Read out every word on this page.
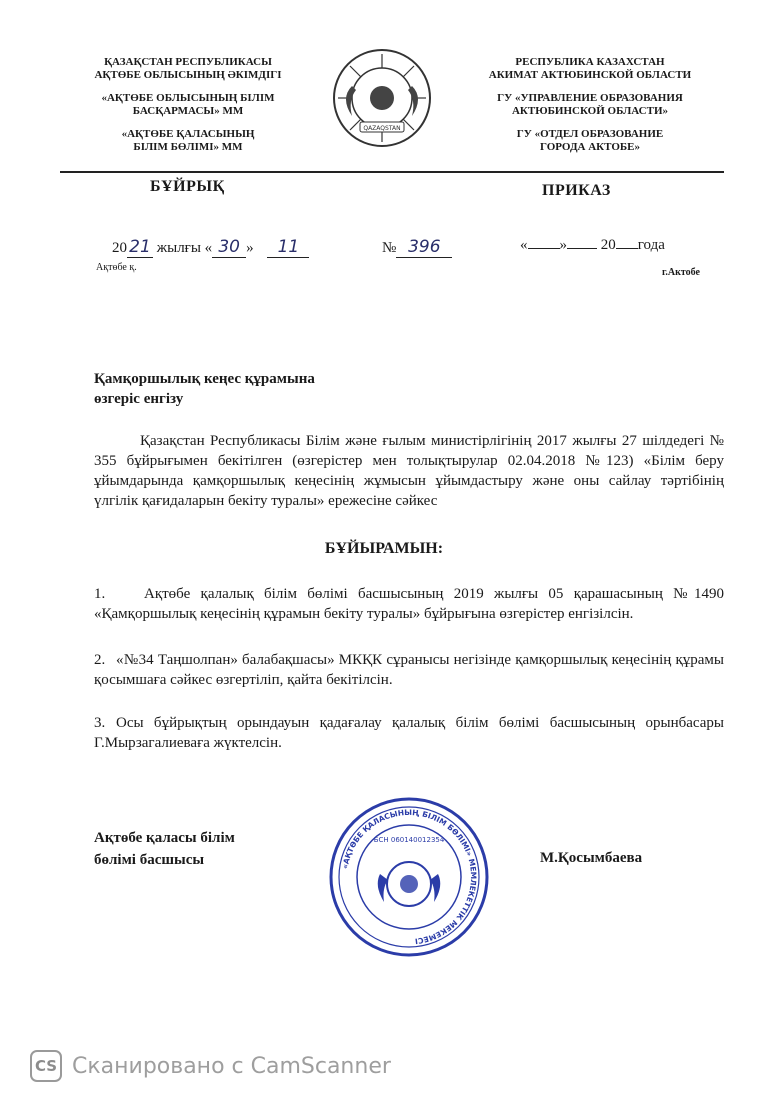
ҚАЗАҚСТАН РЕСПУБЛИКАСЫ
АҚТӨБЕ ОБЛЫСЫНЫҢ ӘКІМДІГІ
«АҚТӨБЕ ОБЛЫСЫНЫҢ БІЛІМ
БАСҚАРМАСЫ» ММ
«АҚТӨБЕ ҚАЛАСЫНЫҢ
БІЛІМ БӨЛІМІ» ММ
QAZAQSTAN
РЕСПУБЛИКА КАЗАХСТАН
АКИМАТ АКТЮБИНСКОЙ ОБЛАСТИ
ГУ «УПРАВЛЕНИЕ ОБРАЗОВАНИЯ
АКТЮБИНСКОЙ ОБЛАСТИ»
ГУ «ОТДЕЛ ОБРАЗОВАНИЕ
ГОРОДА АКТОБЕ»
БҰЙРЫҚ	ПРИКАЗ
20 21 жылғы « 30 » 11	№ 396	« » 20 года
Ақтөбе қ.	г.Актобе
Қамқоршылық кеңес құрамына
өзгеріс енгізу
Қазақстан Республикасы Білім және ғылым министірлігінің 2017 жылғы 27 шілдедегі № 355 бұйрығымен бекітілген (өзгерістер мен толықтырулар 02.04.2018 №123) «Білім беру ұйымдарында қамқоршылық кеңесінің жұмысын ұйымдастыру және оны сайлау тәртібінің үлгілік қағидаларын бекіту туралы» ережесіне сәйкес
БҰЙЫРАМЫН:
1.	Ақтөбе қалалық білім бөлімі басшысының 2019 жылғы 05 қарашасының №1490 «Қамқоршылық кеңесінің құрамын бекіту туралы» бұйрығына өзгерістер енгізілсін.
2. «№34 Таңшолпан» балабақшасы» МКҚК сұранысы негізінде қамқоршылық кеңесінің құрамы қосымшаға сәйкес өзгертіліп, қайта бекітілсін.
3. Осы бұйрықтың орындауын қадағалау қалалық білім бөлімі басшысының орынбасары Г.Мырзагалиеваға жүктелсін.
Ақтөбе қаласы білім
бөлімі басшысы	М.Қосымбаева
«АҚТӨБЕ ҚАЛАСЫНЫҢ БІЛІМ БӨЛІМІ» МЕМЛЕКЕТТІК МЕКЕМЕСІ
БСН 060140012354
CS Сканировано с CamScanner
